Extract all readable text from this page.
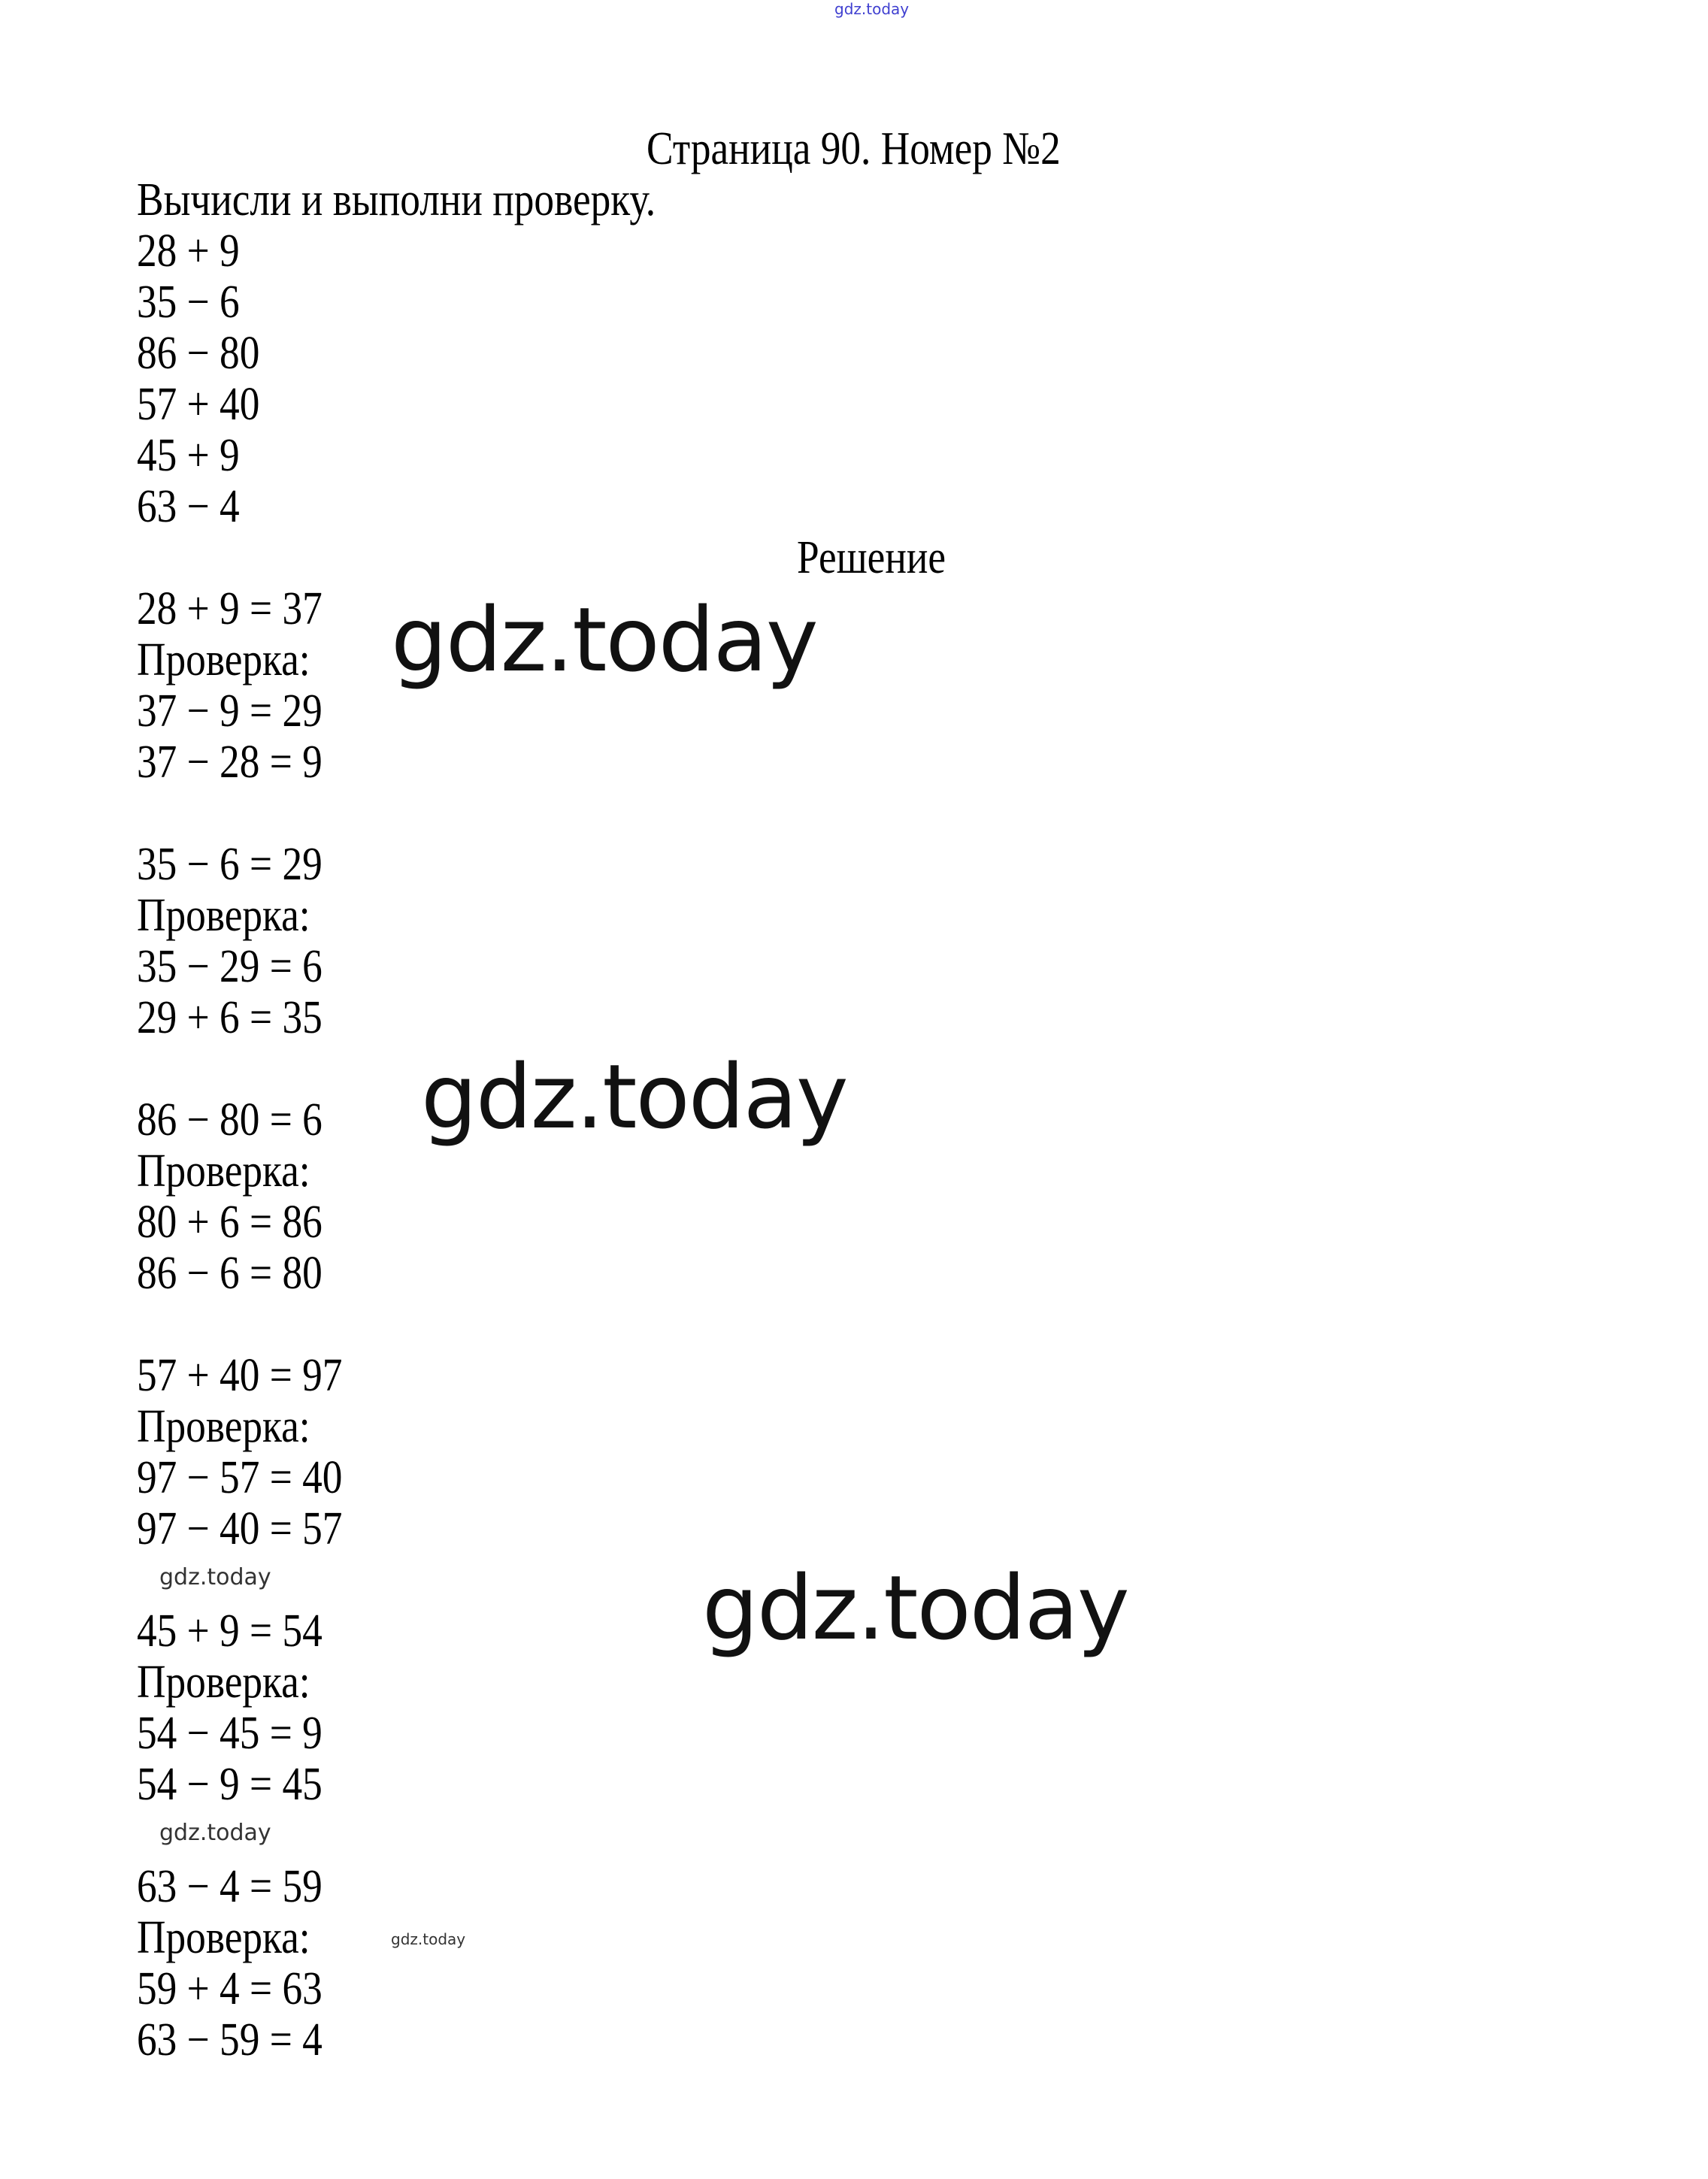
gdz.today
Страница 90. Номер №2
Вычисли и выполни проверку.
28 + 9
35 − 6
86 − 80
57 + 40
45 + 9
63 − 4
28 + 9 = 37
Проверка:
37 − 9 = 29
37 − 28 = 9
35 − 6 = 29
Проверка:
35 − 29 = 6
29 + 6 = 35
86 − 80 = 6
Проверка:
80 + 6 = 86
86 − 6 = 80
57 + 40 = 97
Проверка:
97 − 57 = 40
97 − 40 = 57
45 + 9 = 54
Проверка:
54 − 45 = 9
54 − 9 = 45
63 − 4 = 59
Проверка:
59 + 4 = 63
63 − 59 = 4
Решение
gdz.today
gdz.today
gdz.today
gdz.today
gdz.today
gdz.today
